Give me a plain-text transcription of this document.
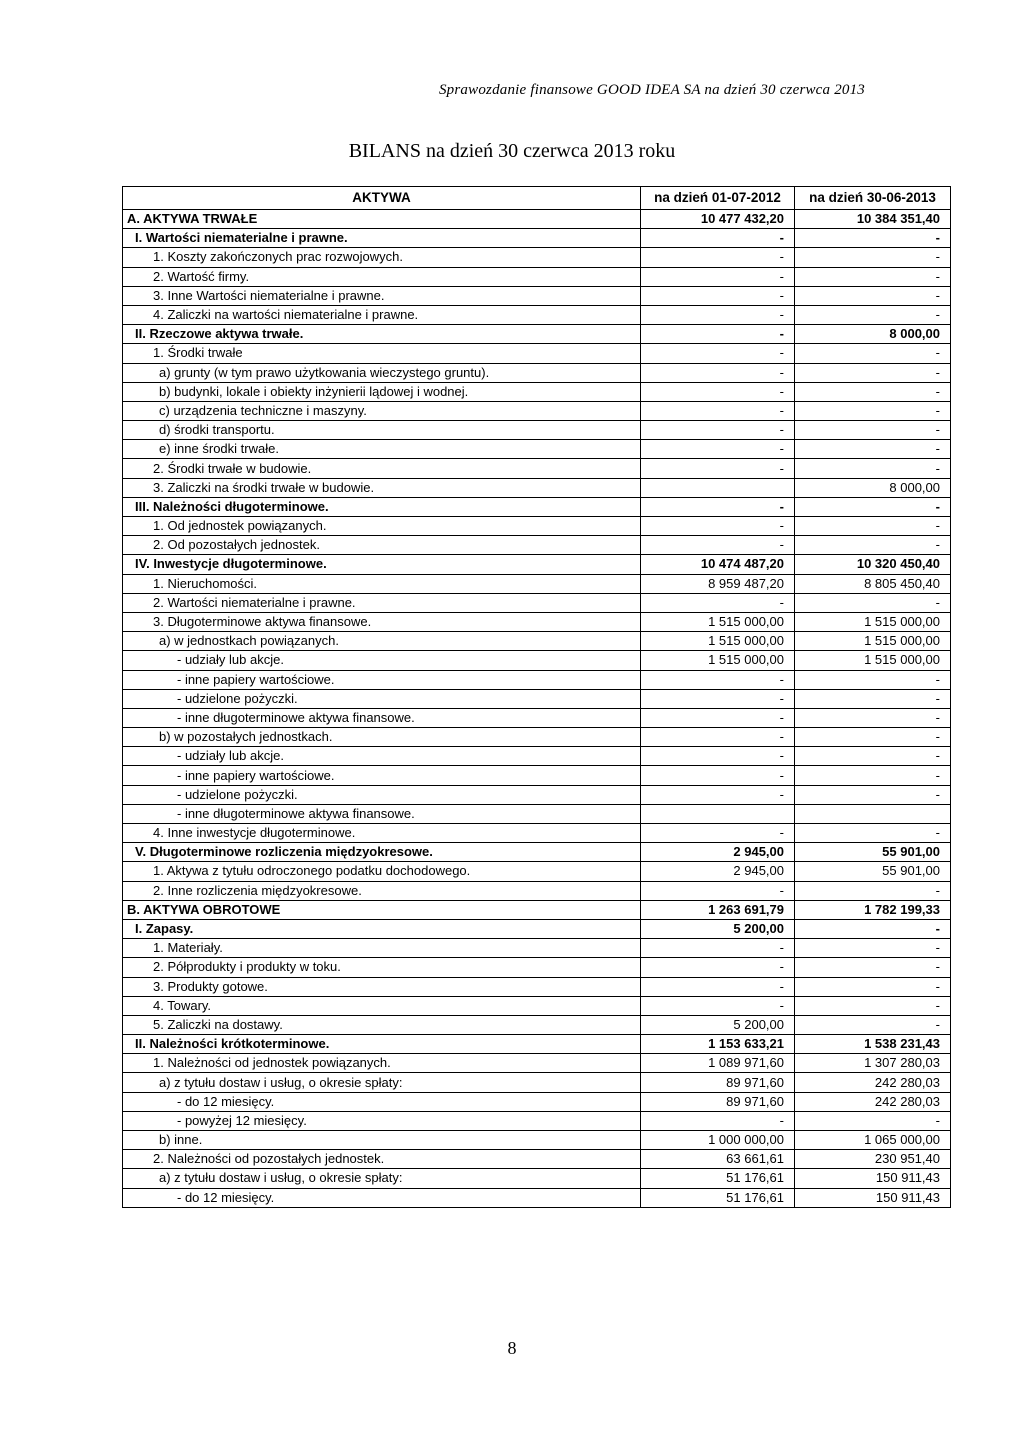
Sprawozdanie finansowe GOOD IDEA SA na dzień 30 czerwca 2013
BILANS na dzień 30 czerwca 2013 roku
AKTYWA	na dzień 01-07-2012	na dzień 30-06-2013
A. AKTYWA TRWAŁE	10 477 432,20	10 384 351,40
I. Wartości niematerialne i prawne.	-	-
1. Koszty zakończonych prac rozwojowych.	-	-
2. Wartość firmy.	-	-
3. Inne Wartości niematerialne i prawne.	-	-
4. Zaliczki na wartości niematerialne i prawne.	-	-
II. Rzeczowe aktywa trwałe.	-	8 000,00
1. Środki trwałe	-	-
a) grunty (w tym prawo użytkowania wieczystego gruntu).	-	-
b) budynki, lokale i obiekty inżynierii lądowej i wodnej.	-	-
c) urządzenia techniczne i maszyny.	-	-
d) środki transportu.	-	-
e) inne środki trwałe.	-	-
2. Środki trwałe w budowie.	-	-
3. Zaliczki na środki trwałe w budowie.		8 000,00
III. Należności długoterminowe.	-	-
1. Od jednostek powiązanych.	-	-
2. Od pozostałych jednostek.	-	-
IV. Inwestycje długoterminowe.	10 474 487,20	10 320 450,40
1. Nieruchomości.	8 959 487,20	8 805 450,40
2. Wartości niematerialne i prawne.	-	-
3. Długoterminowe aktywa finansowe.	1 515 000,00	1 515 000,00
a) w jednostkach powiązanych.	1 515 000,00	1 515 000,00
- udziały lub akcje.	1 515 000,00	1 515 000,00
- inne papiery wartościowe.	-	-
- udzielone pożyczki.	-	-
- inne długoterminowe aktywa finansowe.	-	-
b) w pozostałych jednostkach.	-	-
- udziały lub akcje.	-	-
- inne papiery wartościowe.	-	-
- udzielone pożyczki.	-	-
- inne długoterminowe aktywa finansowe.		
4. Inne inwestycje długoterminowe.	-	-
V. Długoterminowe rozliczenia międzyokresowe.	2 945,00	55 901,00
1. Aktywa z tytułu odroczonego podatku dochodowego.	2 945,00	55 901,00
2. Inne rozliczenia międzyokresowe.	-	-
B. AKTYWA OBROTOWE	1 263 691,79	1 782 199,33
I. Zapasy.	5 200,00	-
1. Materiały.	-	-
2. Półprodukty i produkty w toku.	-	-
3. Produkty gotowe.	-	-
4. Towary.	-	-
5. Zaliczki na dostawy.	5 200,00	-
II. Należności krótkoterminowe.	1 153 633,21	1 538 231,43
1. Należności od jednostek powiązanych.	1 089 971,60	1 307 280,03
a) z tytułu dostaw i usług, o okresie spłaty:	89 971,60	242 280,03
- do 12 miesięcy.	89 971,60	242 280,03
- powyżej 12 miesięcy.	-	-
b) inne.	1 000 000,00	1 065 000,00
2. Należności od pozostałych jednostek.	63 661,61	230 951,40
a) z tytułu dostaw i usług, o okresie spłaty:	51 176,61	150 911,43
- do 12 miesięcy.	51 176,61	150 911,43
8
